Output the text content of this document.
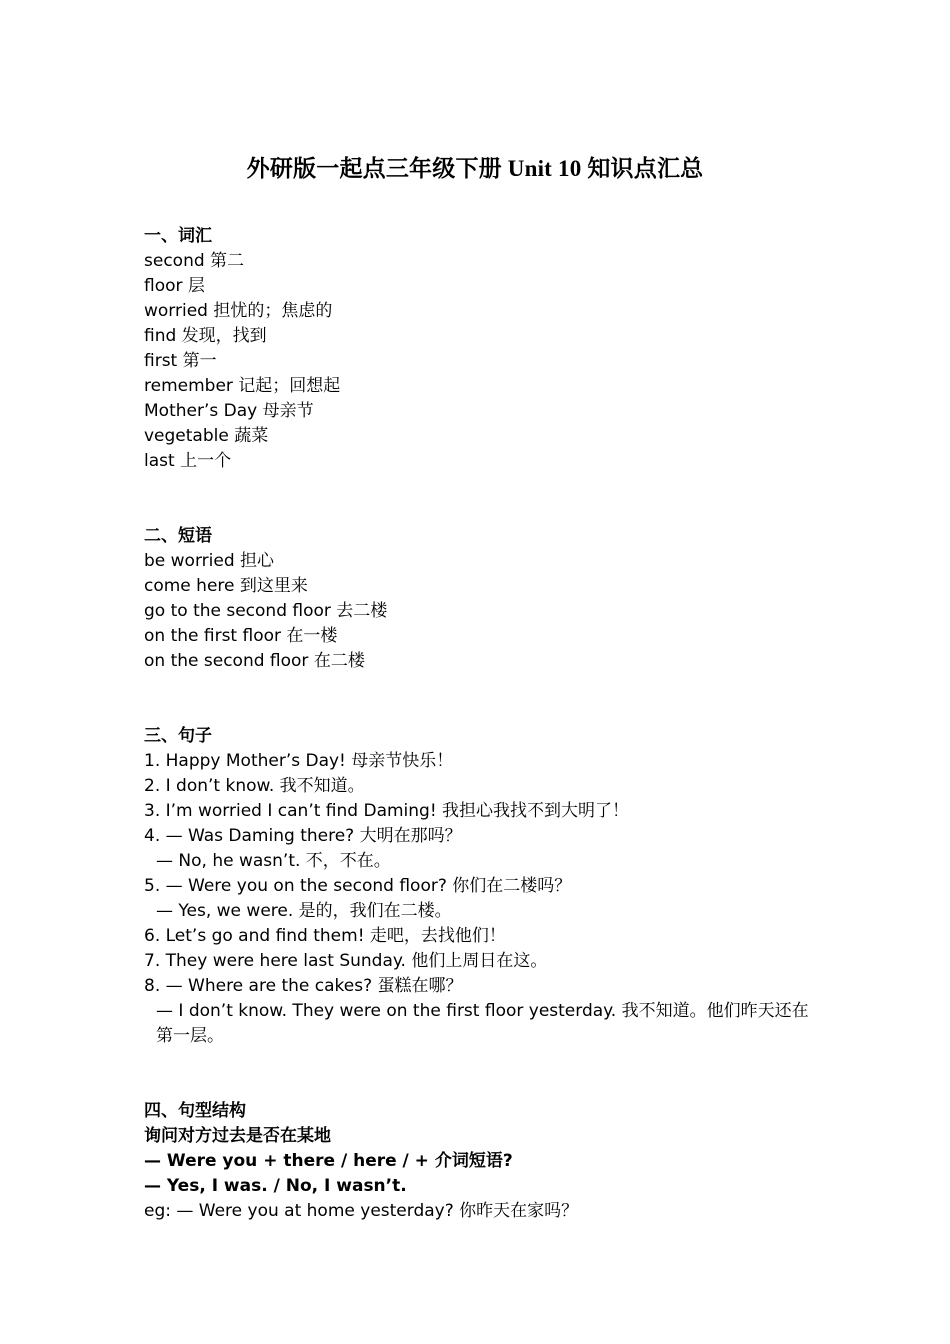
外研版一起点三年级下册 Unit 10 知识点汇总
一、词汇
second 第二
floor 层
worried 担忧的；焦虑的
find 发现，找到
first 第一
remember 记起；回想起
Mother’s Day 母亲节
vegetable 蔬菜
last 上一个
二、短语
be worried 担心
come here 到这里来
go to the second floor 去二楼
on the first floor 在一楼
on the second floor 在二楼
三、句子
1. Happy Mother’s Day! 母亲节快乐！
2. I don’t know. 我不知道。
3. I’m worried I can’t find Daming! 我担心我找不到大明了！
4. — Was Daming there? 大明在那吗？
— No, he wasn’t. 不，不在。
5. — Were you on the second floor? 你们在二楼吗？
— Yes, we were. 是的，我们在二楼。
6. Let’s go and find them! 走吧，去找他们！
7. They were here last Sunday. 他们上周日在这。
8. — Where are the cakes? 蛋糕在哪？
— I don’t know. They were on the first floor yesterday. 我不知道。他们昨天还在第一层。
四、句型结构
询问对方过去是否在某地
— Were you + there / here / + 介词短语?
— Yes, I was. / No, I wasn’t.
eg: — Were you at home yesterday? 你昨天在家吗？
